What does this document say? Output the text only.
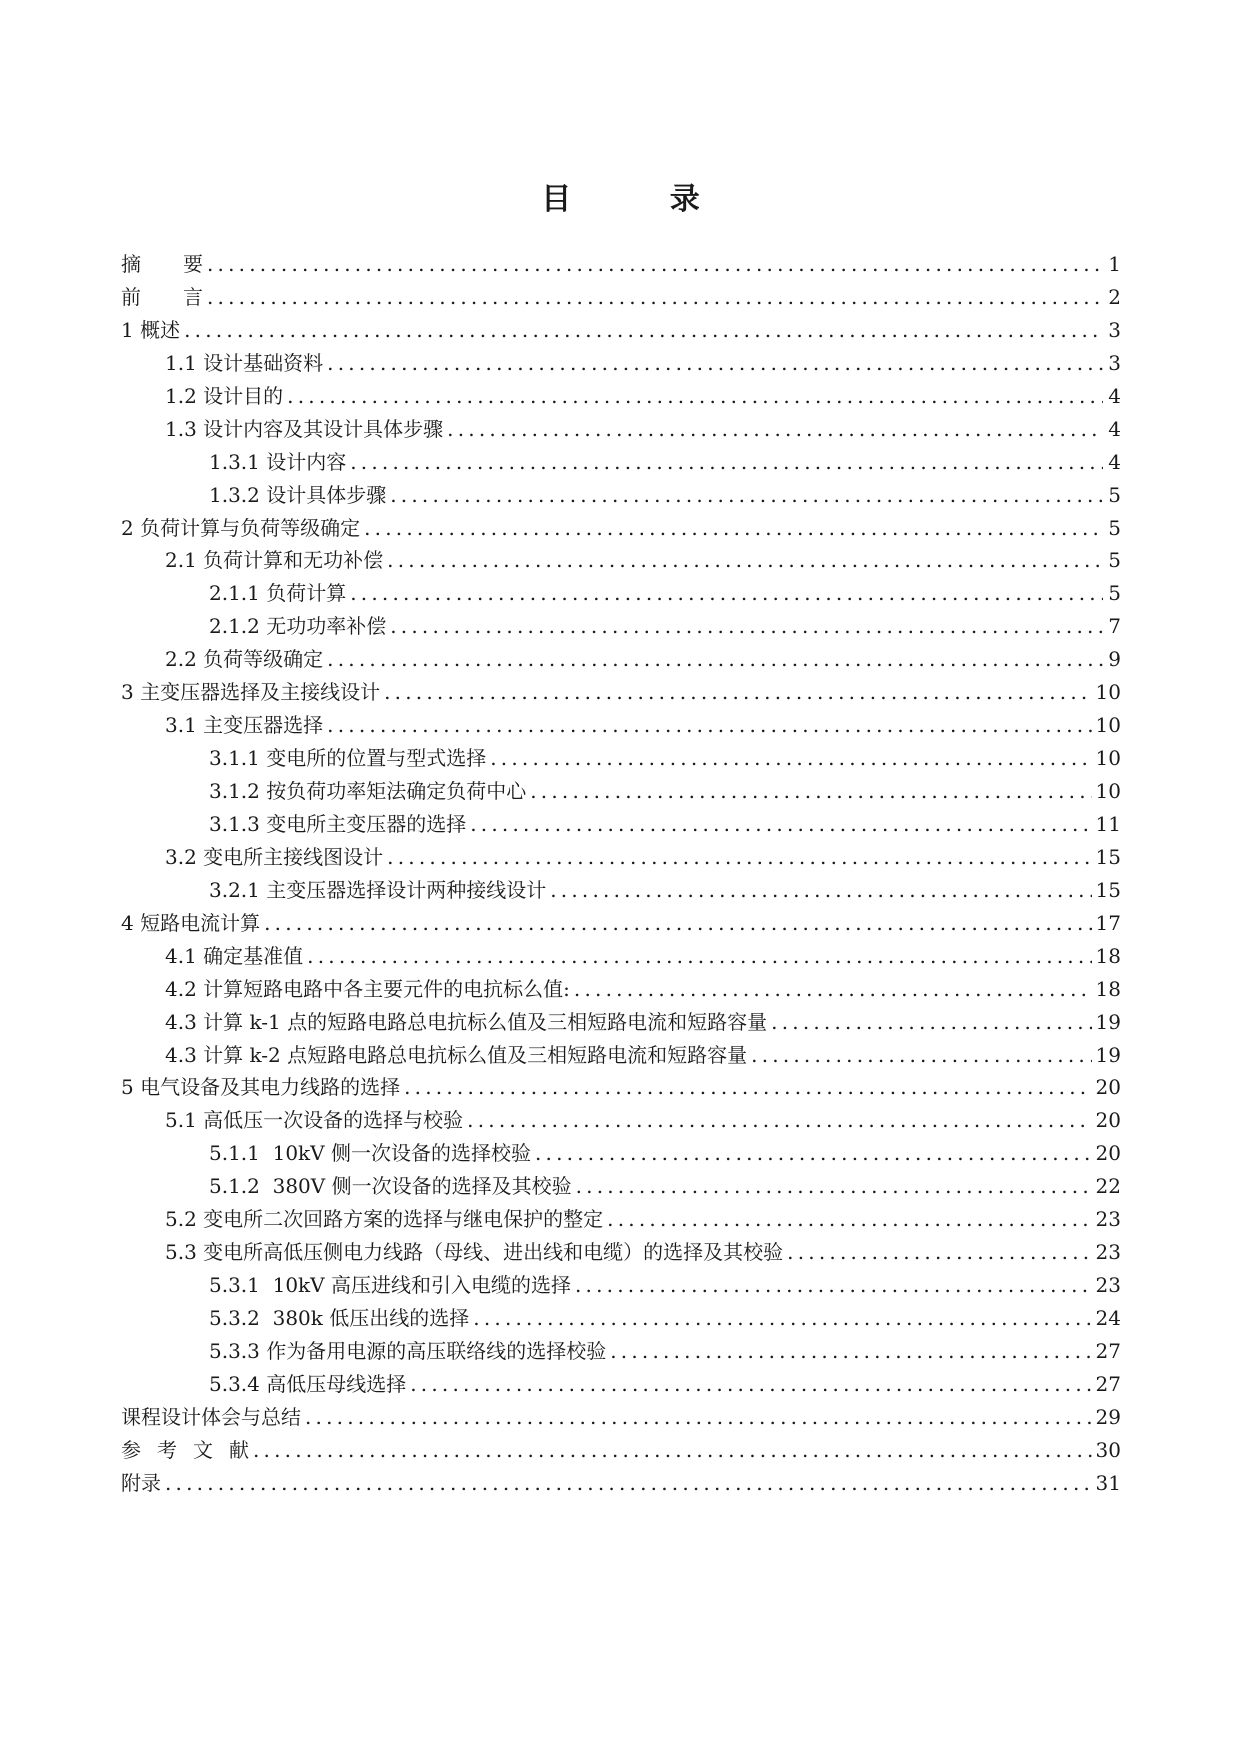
目 录
摘要 .....	1
前言 .....	2
1 概述 .....	3
1.1 设计基础资料 .....	3
1.2 设计目的 .....	4
1.3 设计内容及其设计具体步骤 .....	4
1.3.1 设计内容 .....	4
1.3.2 设计具体步骤 .....	5
2 负荷计算与负荷等级确定 .....	5
2.1 负荷计算和无功补偿 .....	5
2.1.1 负荷计算 .....	5
2.1.2 无功功率补偿 .....	7
2.2 负荷等级确定 .....	9
3 主变压器选择及主接线设计 .....	10
3.1 主变压器选择 .....	10
3.1.1 变电所的位置与型式选择 .....	10
3.1.2 按负荷功率矩法确定负荷中心 .....	10
3.1.3 变电所主变压器的选择 .....	11
3.2 变电所主接线图设计 .....	15
3.2.1 主变压器选择设计两种接线设计 .....	15
4 短路电流计算 .....	17
4.1 确定基准值 .....	18
4.2 计算短路电路中各主要元件的电抗标么值: .....	18
4.3 计算 k-1 点的短路电路总电抗标么值及三相短路电流和短路容量 .....	19
4.3 计算 k-2 点短路电路总电抗标么值及三相短路电流和短路容量 .....	19
5 电气设备及其电力线路的选择 .....	20
5.1 高低压一次设备的选择与校验 .....	20
5.1.1  10kV 侧一次设备的选择校验 .....	20
5.1.2  380V 侧一次设备的选择及其校验 .....	22
5.2 变电所二次回路方案的选择与继电保护的整定 .....	23
5.3 变电所高低压侧电力线路（母线、进出线和电缆）的选择及其校验 .....	23
5.3.1  10kV 高压进线和引入电缆的选择 .....	23
5.3.2  380k 低压出线的选择 .....	24
5.3.3 作为备用电源的高压联络线的选择校验 .....	27
5.3.4 高低压母线选择 .....	27
课程设计体会与总结 .....	29
参考文献 .....	30
附录 .....	31
